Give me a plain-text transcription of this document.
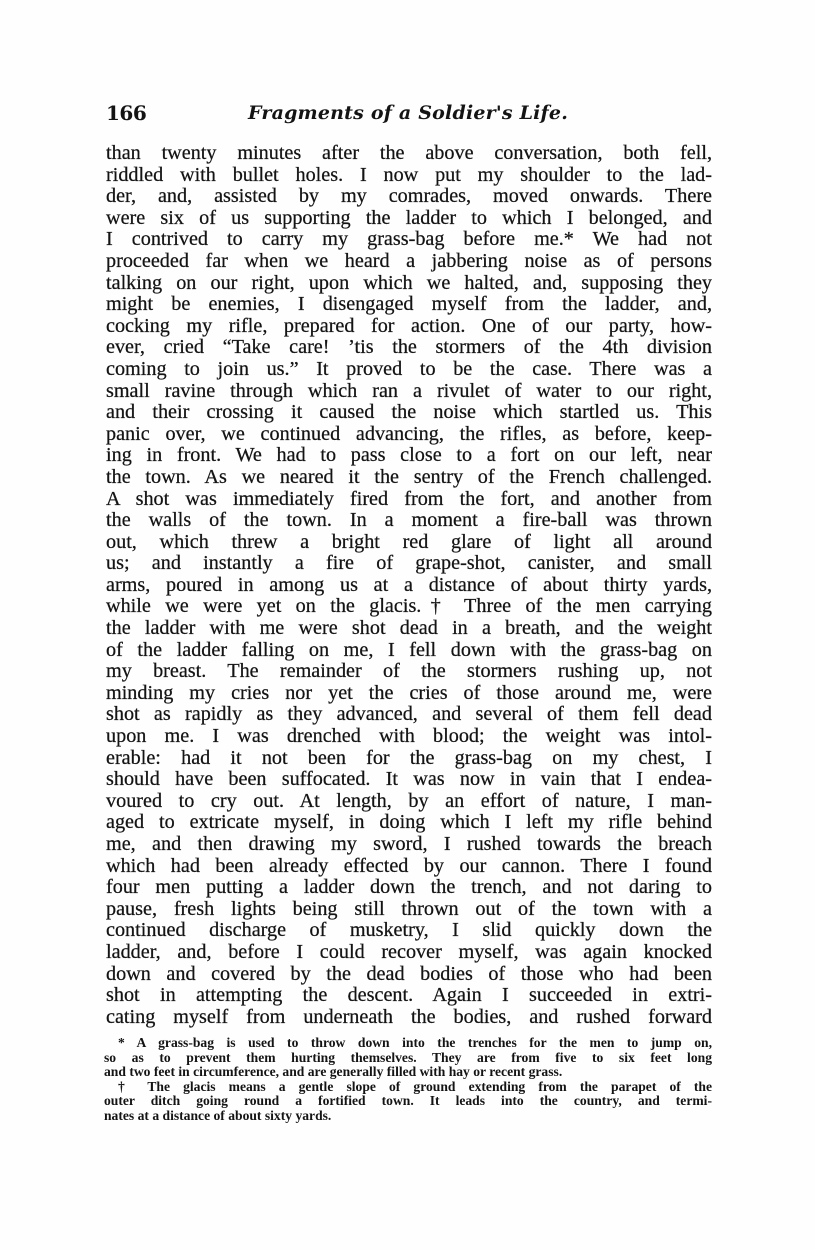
166	Fragments of a Soldier's Life.
than twenty minutes after the above conversation, both fell,
riddled with bullet holes. I now put my shoulder to the lad-
der, and, assisted by my comrades, moved onwards. There
were six of us supporting the ladder to which I belonged, and
I contrived to carry my grass-bag before me.* We had not
proceeded far when we heard a jabbering noise as of persons
talking on our right, upon which we halted, and, supposing they
might be enemies, I disengaged myself from the ladder, and,
cocking my rifle, prepared for action. One of our party, how-
ever, cried “Take care! ’tis the stormers of the 4th division
coming to join us.” It proved to be the case. There was a
small ravine through which ran a rivulet of water to our right,
and their crossing it caused the noise which startled us. This
panic over, we continued advancing, the rifles, as before, keep-
ing in front. We had to pass close to a fort on our left, near
the town. As we neared it the sentry of the French challenged.
A shot was immediately fired from the fort, and another from
the walls of the town. In a moment a fire-ball was thrown
out, which threw a bright red glare of light all around
us; and instantly a fire of grape-shot, canister, and small
arms, poured in among us at a distance of about thirty yards,
while we were yet on the glacis.† Three of the men carrying
the ladder with me were shot dead in a breath, and the weight
of the ladder falling on me, I fell down with the grass-bag on
my breast. The remainder of the stormers rushing up, not
minding my cries nor yet the cries of those around me, were
shot as rapidly as they advanced, and several of them fell dead
upon me. I was drenched with blood; the weight was intol-
erable: had it not been for the grass-bag on my chest, I
should have been suffocated. It was now in vain that I endea-
voured to cry out. At length, by an effort of nature, I man-
aged to extricate myself, in doing which I left my rifle behind
me, and then drawing my sword, I rushed towards the breach
which had been already effected by our cannon. There I found
four men putting a ladder down the trench, and not daring to
pause, fresh lights being still thrown out of the town with a
continued discharge of musketry, I slid quickly down the
ladder, and, before I could recover myself, was again knocked
down and covered by the dead bodies of those who had been
shot in attempting the descent. Again I succeeded in extri-
cating myself from underneath the bodies, and rushed forward
* A grass-bag is used to throw down into the trenches for the men to jump on,
so as to prevent them hurting themselves. They are from five to six feet long
and two feet in circumference, and are generally filled with hay or recent grass.
† The glacis means a gentle slope of ground extending from the parapet of the
outer ditch going round a fortified town. It leads into the country, and termi-
nates at a distance of about sixty yards.
